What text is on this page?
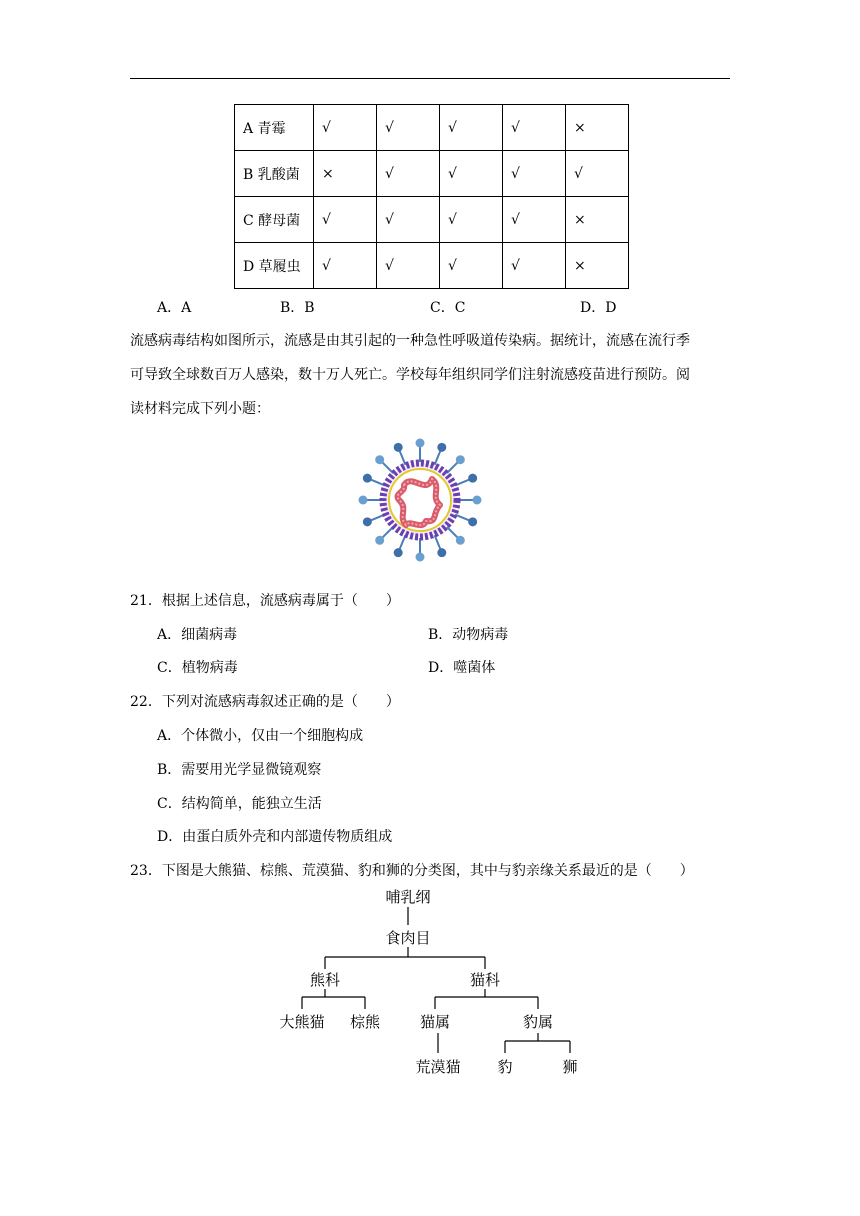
A 青霉	√	√	√	√	×
B 乳酸菌	×	√	√	√	√
C 酵母菌	√	√	√	√	×
D 草履虫	√	√	√	√	×
A．A	B．B	C．C	D．D
流感病毒结构如图所示，流感是由其引起的一种急性呼吸道传染病。据统计，流感在流行季
可导致全球数百万人感染，数十万人死亡。学校每年组织同学们注射流感疫苗进行预防。阅
读材料完成下列小题：
21．根据上述信息，流感病毒属于（　　）
A．细菌病毒	B．动物病毒
C．植物病毒	D．噬菌体
22．下列对流感病毒叙述正确的是（　　）
A．个体微小，仅由一个细胞构成
B．需要用光学显微镜观察
C．结构简单，能独立生活
D．由蛋白质外壳和内部遗传物质组成
23．下图是大熊猫、棕熊、荒漠猫、豹和狮的分类图，其中与豹亲缘关系最近的是（　　）
哺乳纲
食肉目
熊科	猫科
大熊猫 棕熊	猫属	豹属
荒漠猫 豹	狮
